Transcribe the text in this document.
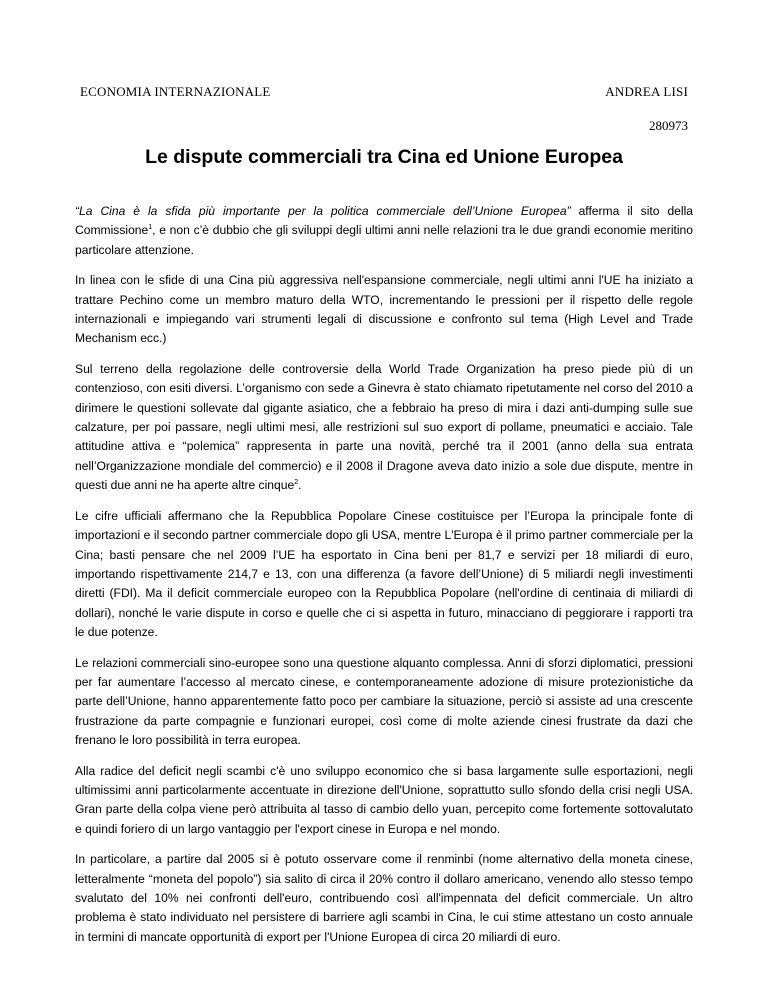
ECONOMIA INTERNAZIONALE	ANDREA LISI
280973
Le dispute commerciali tra Cina ed Unione Europea

“La Cina è la sfida più importante per la politica commerciale dell’Unione Europea” afferma il sito della Commissione$^1$, e non c’è dubbio che gli sviluppi degli ultimi anni nelle relazioni tra le due grandi economie meritino particolare attenzione.

In linea con le sfide di una Cina più aggressiva nell'espansione commerciale, negli ultimi anni l'UE ha iniziato a trattare Pechino come un membro maturo della WTO, incrementando le pressioni per il rispetto delle regole internazionali e impiegando vari strumenti legali di discussione e confronto sul tema (High Level and Trade Mechanism ecc.)

Sul terreno della regolazione delle controversie della World Trade Organization ha preso piede più di un contenzioso, con esiti diversi. L’organismo con sede a Ginevra è stato chiamato ripetutamente nel corso del 2010 a dirimere le questioni sollevate dal gigante asiatico, che a febbraio ha preso di mira i dazi anti-dumping sulle sue calzature, per poi passare, negli ultimi mesi, alle restrizioni sul suo export di pollame, pneumatici e acciaio. Tale attitudine attiva e “polemica” rappresenta in parte una novità, perché tra il 2001 (anno della sua entrata nell’Organizzazione mondiale del commercio) e il 2008 il Dragone aveva dato inizio a sole due dispute, mentre in questi due anni ne ha aperte altre cinque$^2$.

Le cifre ufficiali affermano che la Repubblica Popolare Cinese costituisce per l’Europa la principale fonte di importazioni e il secondo partner commerciale dopo gli USA, mentre L'Europa è il primo partner commerciale per la Cina; basti pensare che nel 2009 l’UE ha esportato in Cina beni per 81,7 e servizi per 18 miliardi di euro, importando rispettivamente 214,7 e 13, con una differenza (a favore dell’Unione) di 5 miliardi negli investimenti diretti (FDI). Ma il deficit commerciale europeo con la Repubblica Popolare (nell'ordine di centinaia di miliardi di dollari), nonché le varie dispute in corso e quelle che ci si aspetta in futuro, minacciano di peggiorare i rapporti tra le due potenze.

Le relazioni commerciali sino-europee sono una questione alquanto complessa. Anni di sforzi diplomatici, pressioni per far aumentare l’accesso al mercato cinese, e contemporaneamente adozione di misure protezionistiche da parte dell’Unione, hanno apparentemente fatto poco per cambiare la situazione, perciò si assiste ad una crescente frustrazione da parte compagnie e funzionari europei, così come di molte aziende cinesi frustrate da dazi che frenano le loro possibilità in terra europea.

Alla radice del deficit negli scambi c'è uno sviluppo economico che si basa largamente sulle esportazioni, negli ultimissimi anni particolarmente accentuate in direzione dell'Unione, soprattutto sullo sfondo della crisi negli USA. Gran parte della colpa viene però attribuita al tasso di cambio dello yuan, percepito come fortemente sottovalutato e quindi foriero di un largo vantaggio per l'export cinese in Europa e nel mondo.

In particolare, a partire dal 2005 si è potuto osservare come il renminbi (nome alternativo della moneta cinese, letteralmente “moneta del popolo”) sia salito di circa il 20% contro il dollaro americano, venendo allo stesso tempo svalutato del 10% nei confronti dell'euro, contribuendo così all'impennata del deficit commerciale. Un altro problema è stato individuato nel persistere di barriere agli scambi in Cina, le cui stime attestano un costo annuale in termini di mancate opportunità di export per l'Unione Europea di circa 20 miliardi di euro.
